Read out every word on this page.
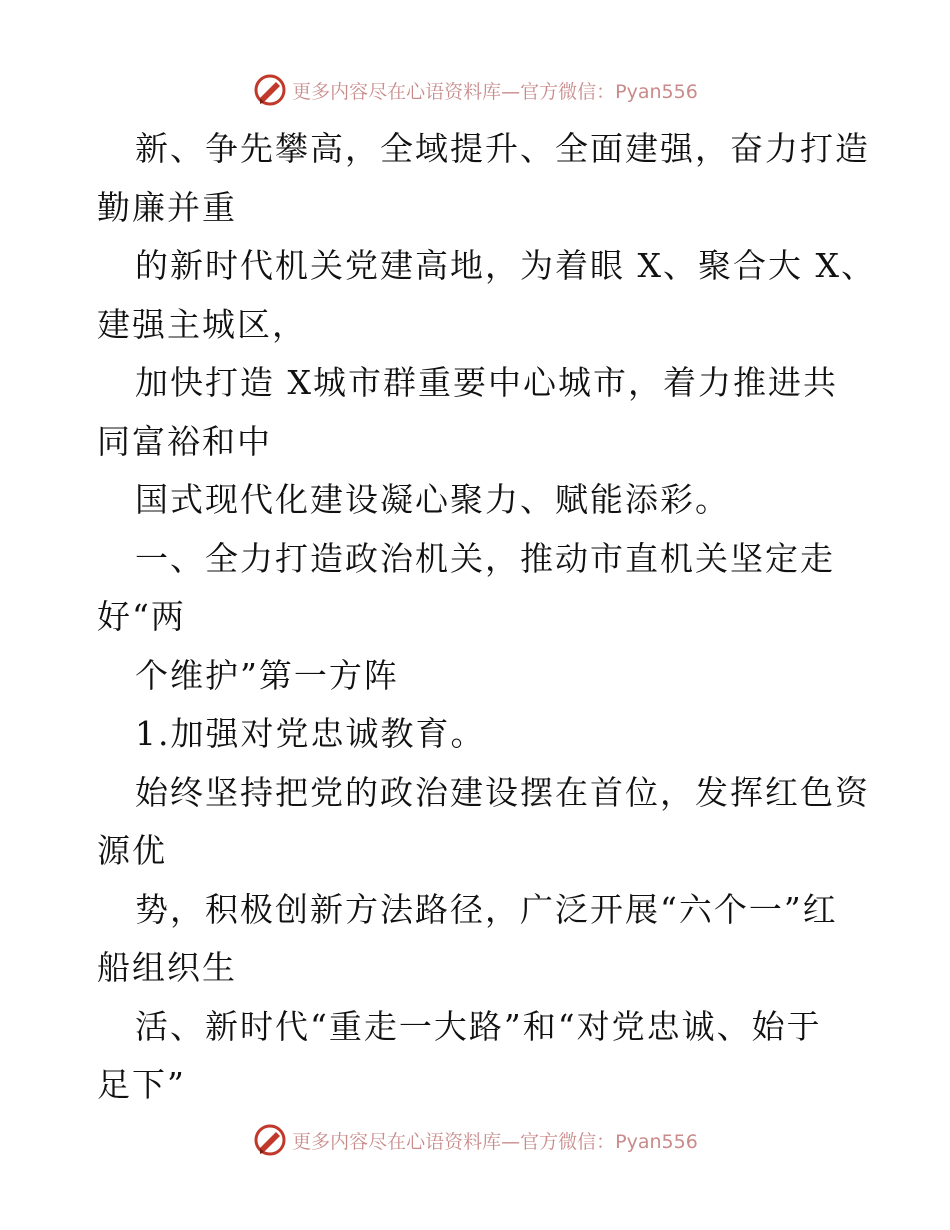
更多内容尽在心语资料库—官方微信：Pyan556

新、争先攀高，全域提升、全面建强，奋力打造

勤廉并重

的新时代机关党建高地，为着眼 X、聚合大 X、

建强主城区，

加快打造 X城市群重要中心城市，着力推进共

同富裕和中

国式现代化建设凝心聚力、赋能添彩。

一、全力打造政治机关，推动市直机关坚定走

好“两

个维护”第一方阵

1.加强对党忠诚教育。

始终坚持把党的政治建设摆在首位，发挥红色资

源优

势，积极创新方法路径，广泛开展“六个一”红

船组织生

活、新时代“重走一大路”和“对党忠诚、始于

足下”

更多内容尽在心语资料库—官方微信：Pyan556
